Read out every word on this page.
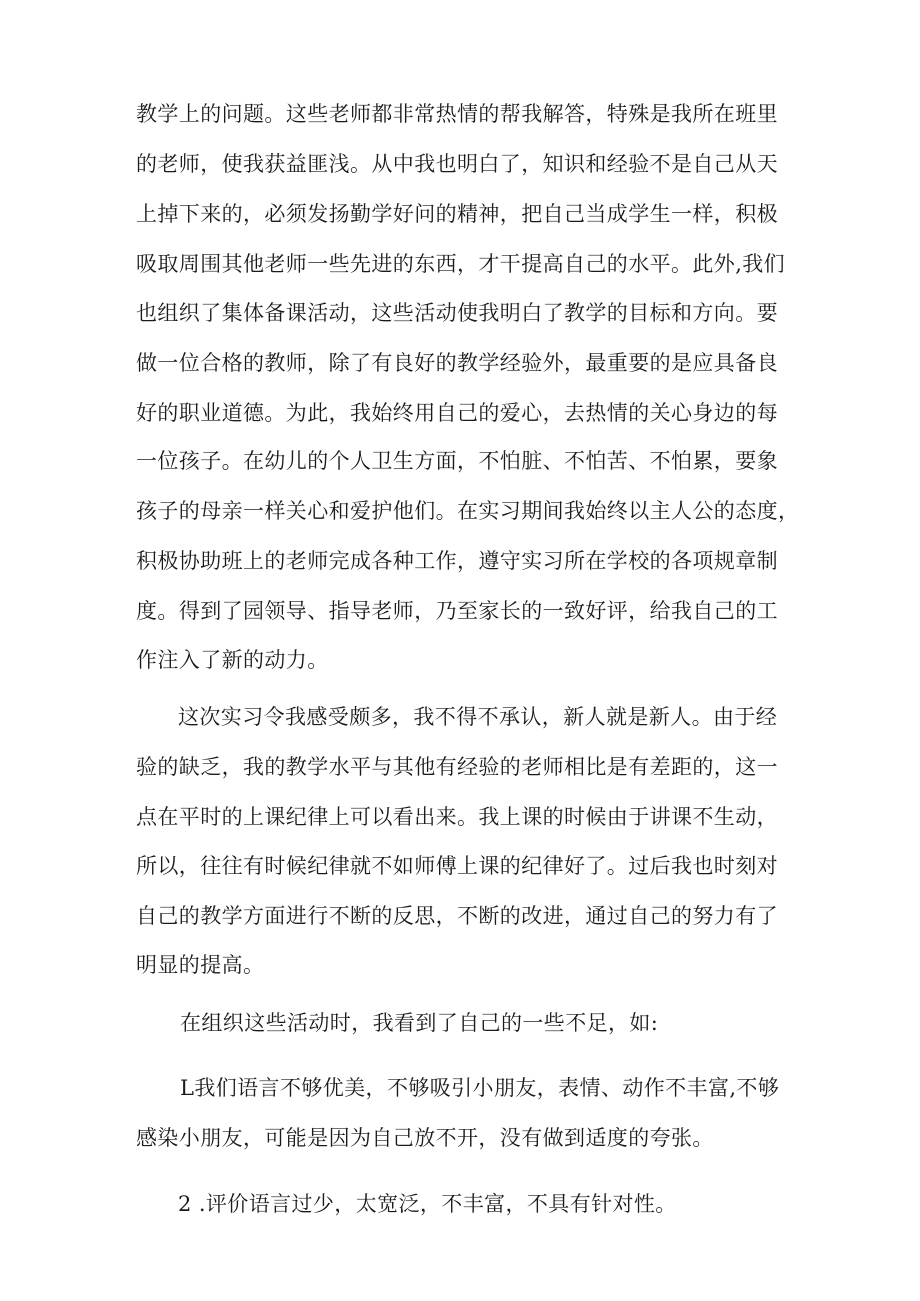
教学上的问题。这些老师都非常热情的帮我解答，特殊是我所在班里
的老师，使我获益匪浅。从中我也明白了，知识和经验不是自己从天
上掉下来的，必须发扬勤学好问的精神，把自己当成学生一样，积极
吸取周围其他老师一些先进的东西，才干提高自己的水平。此外,我们
也组织了集体备课活动，这些活动使我明白了教学的目标和方向。要
做一位合格的教师，除了有良好的教学经验外，最重要的是应具备良
好的职业道德。为此，我始终用自己的爱心，去热情的关心身边的每
一位孩子。在幼儿的个人卫生方面，不怕脏、不怕苦、不怕累，要象
孩子的母亲一样关心和爱护他们。在实习期间我始终以主人公的态度，
积极协助班上的老师完成各种工作，遵守实习所在学校的各项规章制
度。得到了园领导、指导老师，乃至家长的一致好评，给我自己的工
作注入了新的动力。
这次实习令我感受颇多，我不得不承认，新人就是新人。由于经
验的缺乏，我的教学水平与其他有经验的老师相比是有差距的，这一
点在平时的上课纪律上可以看出来。我上课的时候由于讲课不生动，
所以，往往有时候纪律就不如师傅上课的纪律好了。过后我也时刻对
自己的教学方面进行不断的反思，不断的改进，通过自己的努力有了
明显的提高。
在组织这些活动时，我看到了自己的一些不足，如:
L我们语言不够优美，不够吸引小朋友，表情、动作不丰富,不够
感染小朋友，可能是因为自己放不开，没有做到适度的夸张。
2 .评价语言过少，太宽泛，不丰富，不具有针对性。
